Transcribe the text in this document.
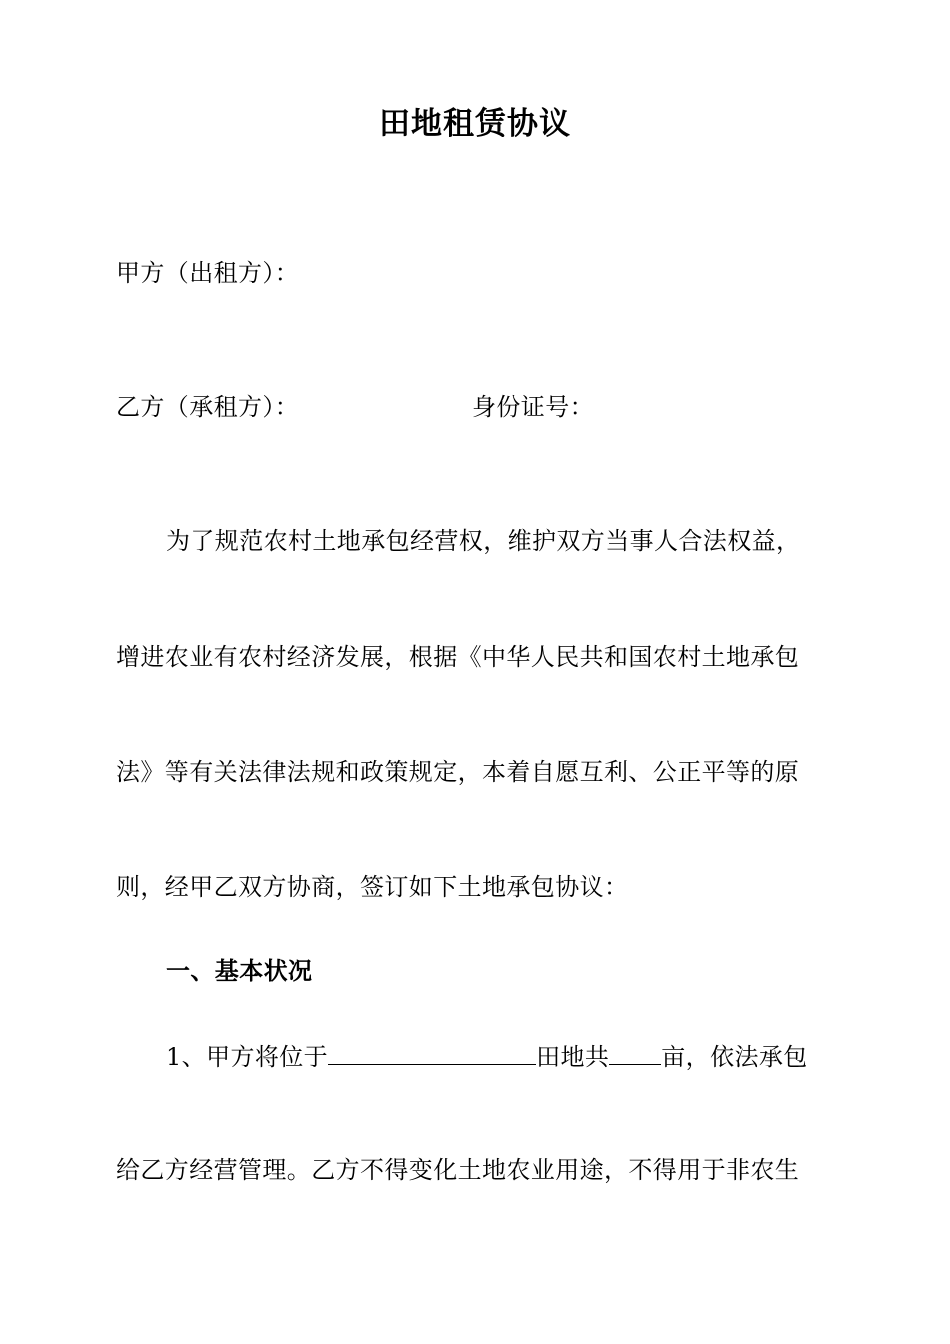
田地租赁协议
甲方（出租方）：
乙方（承租方）：	身份证号：
为了规范农村土地承包经营权，维护双方当事人合法权益，
增进农业有农村经济发展，根据《中华人民共和国农村土地承包
法》等有关法律法规和政策规定，本着自愿互利、公正平等的原
则，经甲乙双方协商，签订如下土地承包协议：
一、基本状况
1、甲方将位于	田地共 亩，依法承包
给乙方经营管理。乙方不得变化土地农业用途，不得用于非农生
